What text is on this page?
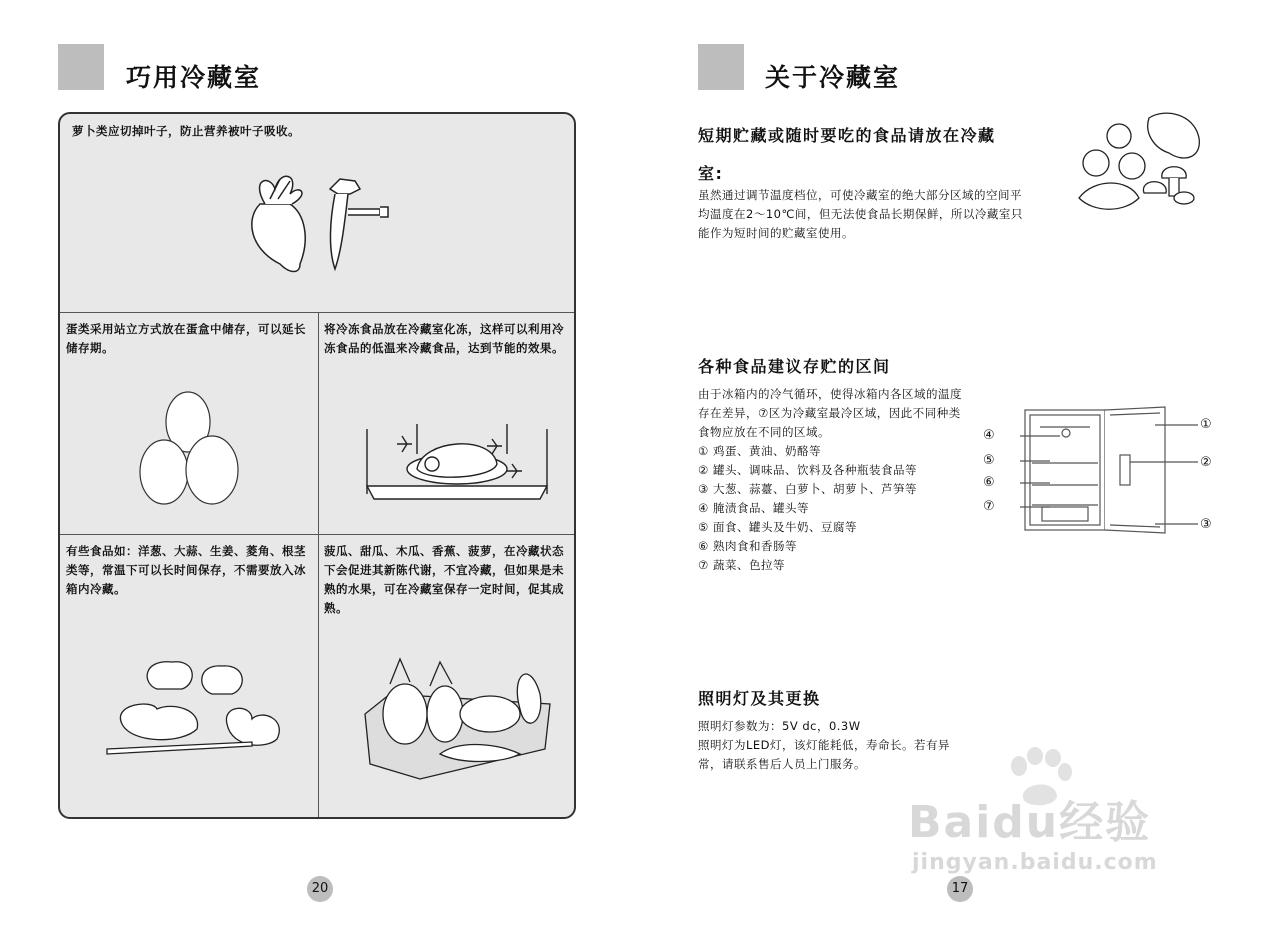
巧用冷藏室
萝卜类应切掉叶子，防止营养被叶子吸收。
蛋类采用站立方式放在蛋盒中储存，可以延长储存期。
将冷冻食品放在冷藏室化冻，这样可以利用冷冻食品的低温来冷藏食品，达到节能的效果。
有些食品如：洋葱、大蒜、生姜、菱角、根茎类等，常温下可以长时间保存，不需要放入冰箱内冷藏。
菠瓜、甜瓜、木瓜、香蕉、菠萝，在冷藏状态下会促进其新陈代谢，不宜冷藏，但如果是未熟的水果，可在冷藏室保存一定时间，促其成熟。
20
关于冷藏室
短期贮藏或随时要吃的食品请放在冷藏
室:
虽然通过调节温度档位，可使冷藏室的绝大部分区域的空间平均温度在2～10℃间，但无法使食品长期保鲜，所以冷藏室只能作为短时间的贮藏室使用。
各种食品建议存贮的区间
由于冰箱内的冷气循环，使得冰箱内各区域的温度存在差异，⑦区为冷藏室最冷区域，因此不同种类食物应放在不同的区域。
① 鸡蛋、黄油、奶酪等
② 罐头、调味品、饮料及各种瓶装食品等
③ 大葱、蒜薹、白萝卜、胡萝卜、芦笋等
④ 腌渍食品、罐头等
⑤ 面食、罐头及牛奶、豆腐等
⑥ 熟肉食和香肠等
⑦ 蔬菜、色拉等
④
⑤
⑥
⑦
①
②
③
照明灯及其更换
照明灯参数为：5V dc，0.3W
照明灯为LED灯，该灯能耗低，寿命长。若有异常，请联系售后人员上门服务。
17
Baidu经验
jingyan.baidu.com
